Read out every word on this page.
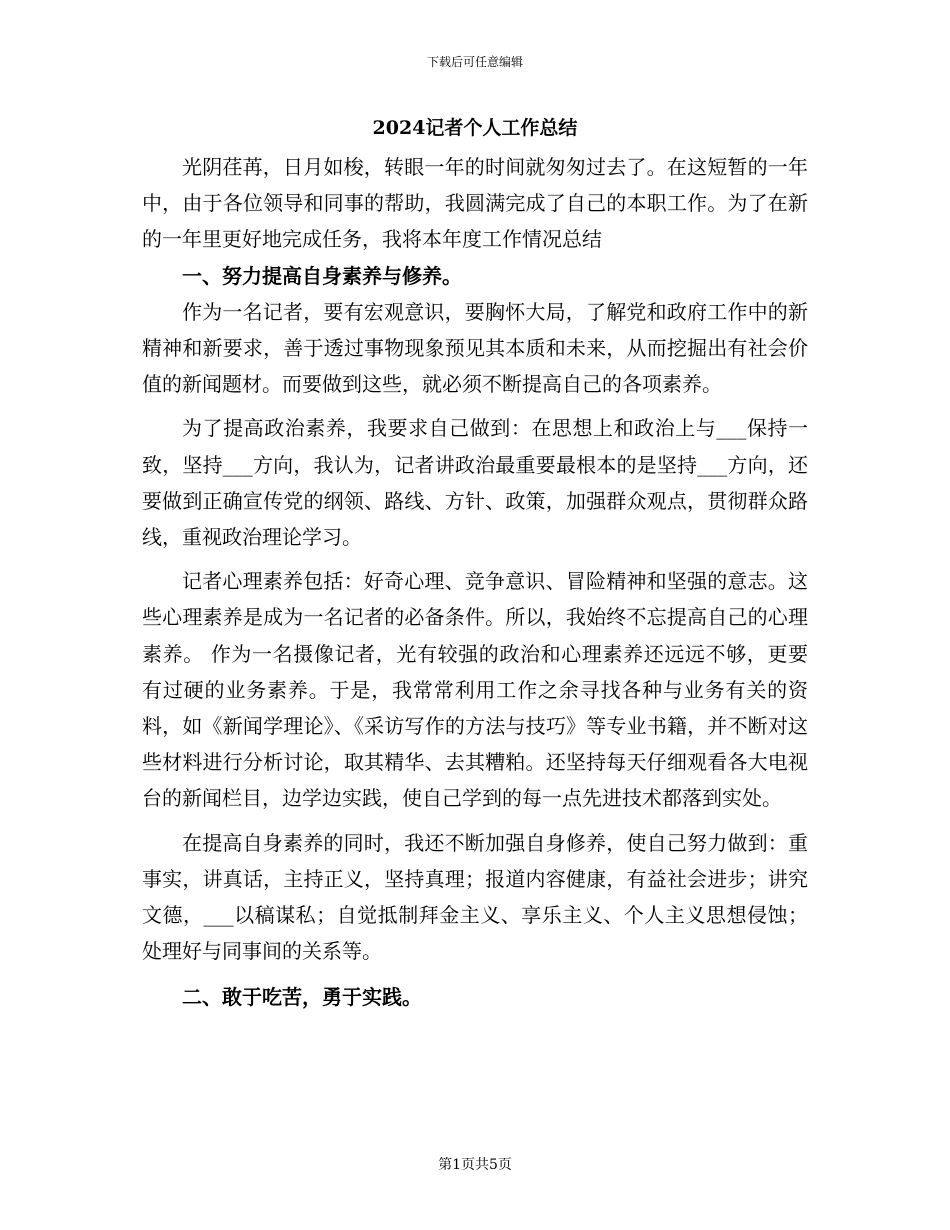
下载后可任意编辑
2024记者个人工作总结

光阴荏苒，日月如梭，转眼一年的时间就匆匆过去了。在这短暂的一年中，由于各位领导和同事的帮助，我圆满完成了自己的本职工作。为了在新的一年里更好地完成任务，我将本年度工作情况总结

一、努力提高自身素养与修养。

作为一名记者，要有宏观意识，要胸怀大局，了解党和政府工作中的新精神和新要求，善于透过事物现象预见其本质和未来，从而挖掘出有社会价值的新闻题材。而要做到这些，就必须不断提高自己的各项素养。

为了提高政治素养，我要求自己做到：在思想上和政治上与___保持一致，坚持___方向，我认为，记者讲政治最重要最根本的是坚持___方向，还要做到正确宣传党的纲领、路线、方针、政策，加强群众观点，贯彻群众路线，重视政治理论学习。

记者心理素养包括：好奇心理、竞争意识、冒险精神和坚强的意志。这些心理素养是成为一名记者的必备条件。所以，我始终不忘提高自己的心理素养。 作为一名摄像记者，光有较强的政治和心理素养还远远不够，更要有过硬的业务素养。于是，我常常利用工作之余寻找各种与业务有关的资料，如《新闻学理论》、《采访写作的方法与技巧》等专业书籍，并不断对这些材料进行分析讨论，取其精华、去其糟粕。还坚持每天仔细观看各大电视台的新闻栏目，边学边实践，使自己学到的每一点先进技术都落到实处。

在提高自身素养的同时，我还不断加强自身修养，使自己努力做到：重事实，讲真话，主持正义，坚持真理；报道内容健康，有益社会进步；讲究文德，___以稿谋私；自觉抵制拜金主义、享乐主义、个人主义思想侵蚀；处理好与同事间的关系等。

二、敢于吃苦，勇于实践。
第1页共5页
